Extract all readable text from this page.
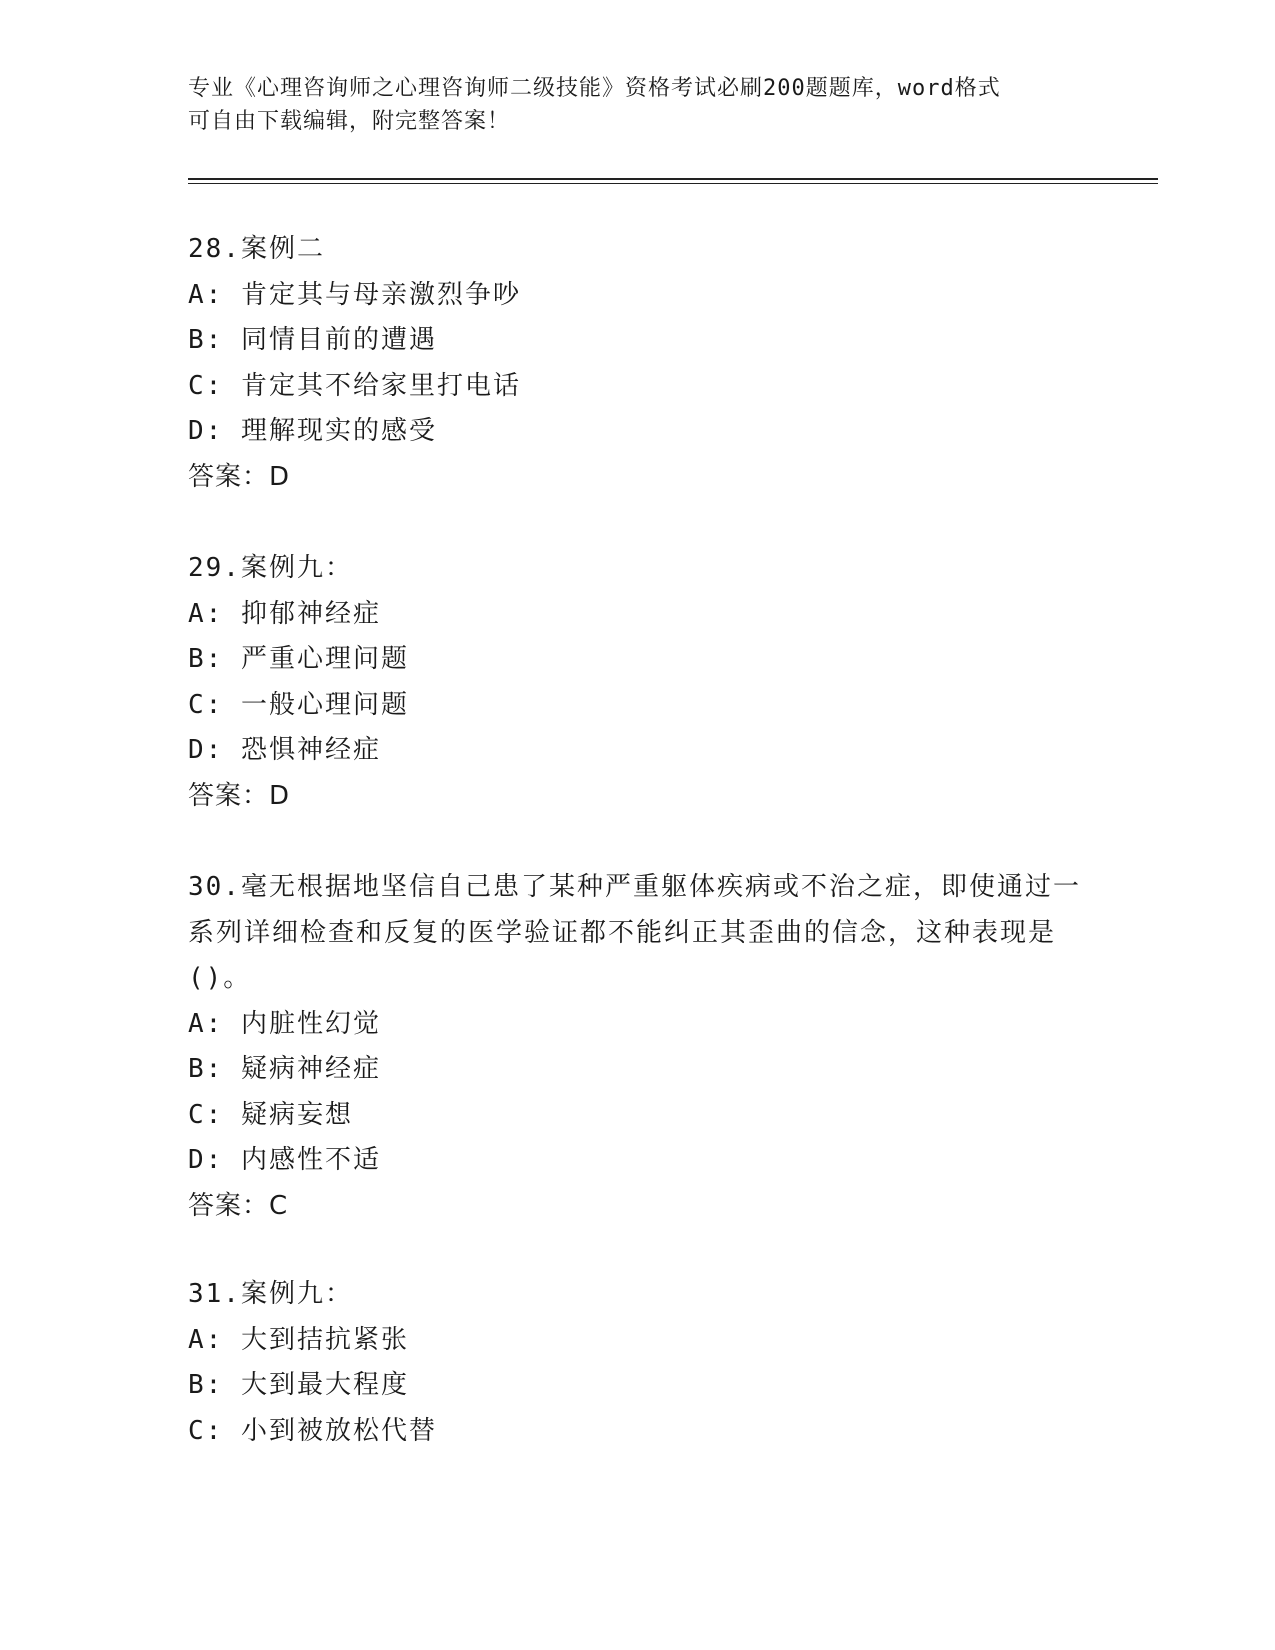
专业《心理咨询师之心理咨询师二级技能》资格考试必刷200题题库，word格式
可自由下载编辑，附完整答案！
28.案例二
A: 肯定其与母亲激烈争吵
B: 同情目前的遭遇
C: 肯定其不给家里打电话
D: 理解现实的感受
答案：D
29.案例九：
A: 抑郁神经症
B: 严重心理问题
C: 一般心理问题
D: 恐惧神经症
答案：D
30.毫无根据地坚信自己患了某种严重躯体疾病或不治之症，即使通过一系列详细检查和反复的医学验证都不能纠正其歪曲的信念，这种表现是()。
A: 内脏性幻觉
B: 疑病神经症
C: 疑病妄想
D: 内感性不适
答案：C
31.案例九：
A: 大到拮抗紧张
B: 大到最大程度
C: 小到被放松代替
